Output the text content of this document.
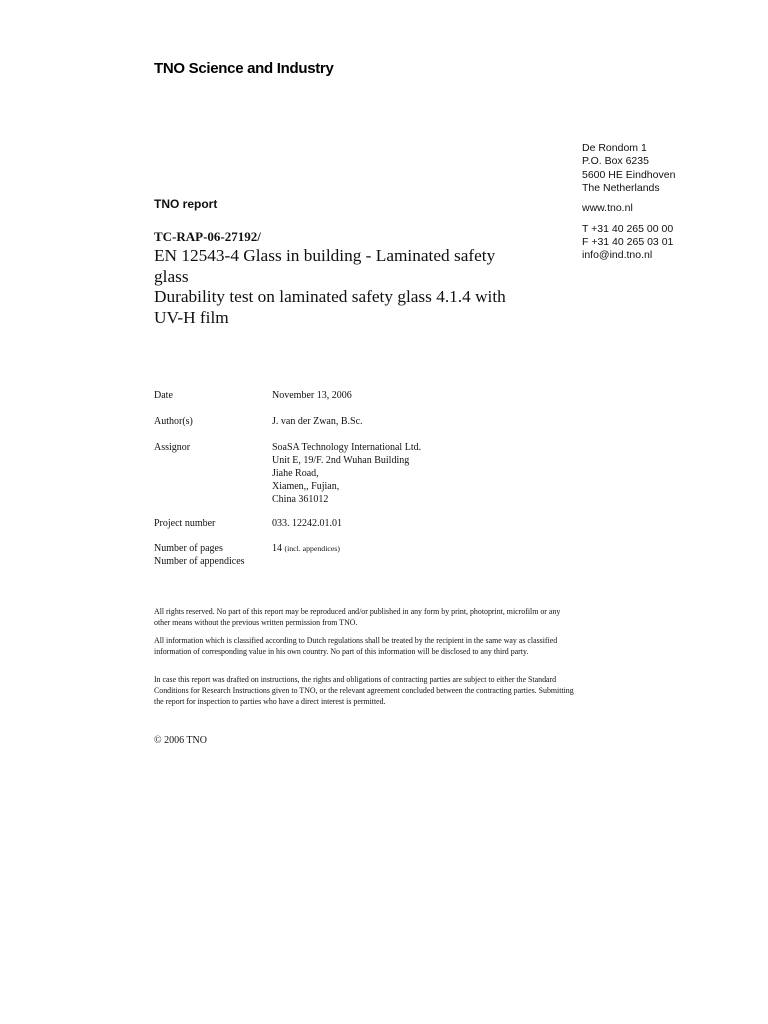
TNO Science and Industry
De Rondom 1
P.O. Box 6235
5600 HE Eindhoven
The Netherlands
www.tno.nl
T +31 40 265 00 00
F +31 40 265 03 01
info@ind.tno.nl
TNO report
TC-RAP-06-27192/
EN 12543-4 Glass in building - Laminated safety glass
Durability test on laminated safety glass 4.1.4 with UV-H film
Date	November 13, 2006
Author(s)	J. van der Zwan, B.Sc.
Assignor	SoaSA Technology International Ltd.
Unit E, 19/F. 2nd Wuhan Building
Jiahe Road,
Xiamen,, Fujian,
China 361012
Project number	033. 12242.01.01
Number of pages	14 (incl. appendices)
Number of appendices
All rights reserved. No part of this report may be reproduced and/or published in any form by print, photoprint, microfilm or any other means without the previous written permission from TNO.
All information which is classified according to Dutch regulations shall be treated by the recipient in the same way as classified information of corresponding value in his own country. No part of this information will be disclosed to any third party.
In case this report was drafted on instructions, the rights and obligations of contracting parties are subject to either the Standard Conditions for Research Instructions given to TNO, or the relevant agreement concluded between the contracting parties. Submitting the report for inspection to parties who have a direct interest is permitted.
© 2006 TNO
